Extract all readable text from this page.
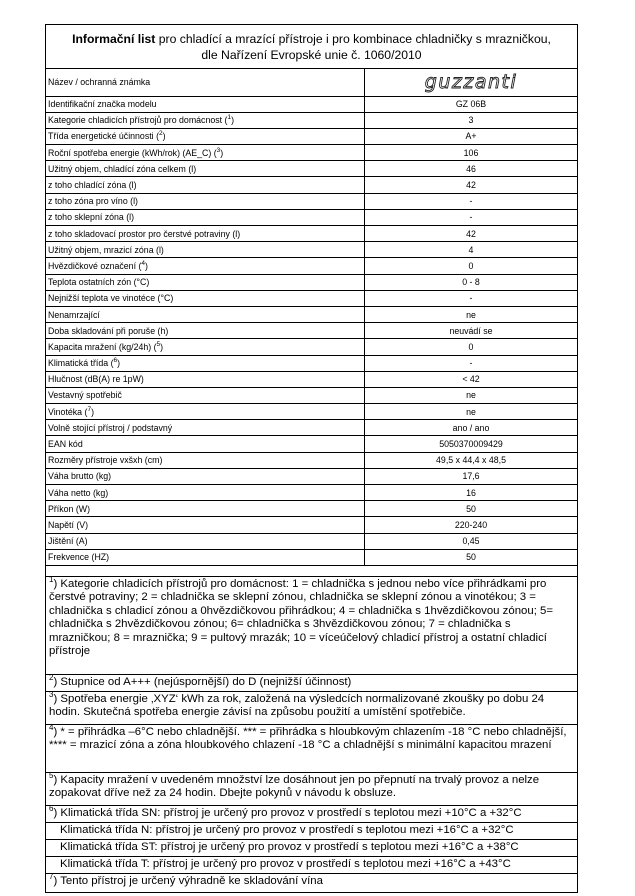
Informační list pro chladící a mrazící přístroje i pro kombinace chladničky s mrazničkou,
dle Nařízení Evropské unie č. 1060/2010
Název / ochranná známka	guzzanti

Identifikační značka modelu	GZ 06B
Kategorie chladicích přístrojů pro domácnost ($^1$)	3
Třída energetické účinnosti ($^2$)	A+
Roční spotřeba energie (kWh/rok) (AE_C) ($^3$)	106
Užitný objem, chladící zóna celkem (l)	46
z toho chladící zóna (l)	42
z toho zóna pro víno (l)	-
z toho sklepní zóna (l)	-
z toho skladovací prostor pro čerstvé potraviny (l)	42
Užitný objem, mrazicí zóna (l)	4
Hvězdičkové označení ($^4$)	0
Teplota ostatních zón (°C)	0 - 8
Nejnižší teplota ve vinotéce (°C)	-
Nenamrzající	ne
Doba skladování při poruše (h)	neuvádí se
Kapacita mražení (kg/24h) ($^5$)	0
Klimatická třída ($^6$)	-
Hlučnost (dB(A) re 1pW)	< 42
Vestavný spotřebič	ne
Vinotéka ($^7$)	ne
Volně stojící přístroj / podstavný	ano / ano
EAN kód	5050370009429
Rozměry přístroje vxšxh (cm)	49,5 x 44,4 x 48,5
Váha brutto (kg)	17,6
Váha netto (kg)	16
Příkon (W)	50
Napětí (V)	220-240
Jištění (A)	0,45
Frekvence (HZ)	50
$^1$) Kategorie chladicích přístrojů pro domácnost: 1 = chladnička s jednou nebo více přihrádkami pro čerstvé potraviny; 2 = chladnička se sklepní zónou, chladnička se sklepní zónou a vinotékou; 3 = chladnička s chladicí zónou a 0hvězdičkovou přihrádkou; 4 = chladnička s 1hvězdičkovou zónou; 5= chladnička s 2hvězdičkovou zónou; 6= chladnička s 3hvězdičkovou zónou; 7 = chladnička s mrazničkou; 8 = mraznička; 9 = pultový mrazák; 10 = víceúčelový chladicí přístroj a ostatní chladicí přístroje
$^2$) Stupnice od A+++ (nejúspornější) do D (nejnižší účinnost)
$^3$) Spotřeba energie ‚XYZ‘ kWh za rok, založená na výsledcích normalizované zkoušky po dobu 24 hodin. Skutečná spotřeba energie závisí na způsobu použití a umístění spotřebiče.
$^4$) * = přihrádka –6°C nebo chladnější. *** = přihrádka s hloubkovým chlazením -18 °C nebo chladnější, **** = mrazicí zóna a zóna hloubkového chlazení -18 °C a chladnější s minimální kapacitou mrazení
$^5$) Kapacity mražení v uvedeném množství lze dosáhnout jen po přepnutí na trvalý provoz a nelze zopakovat dříve než za 24 hodin. Dbejte pokynů v návodu k obsluze.
$^6$) Klimatická třída SN: přístroj je určený pro provoz v prostředí s teplotou mezi +10°C a +32°C
Klimatická třída N: přístroj je určený pro provoz v prostředí s teplotou mezi +16°C a +32°C
Klimatická třída ST: přístroj je určený pro provoz v prostředí s teplotou mezi +16°C a +38°C
Klimatická třída T: přístroj je určený pro provoz v prostředí s teplotou mezi +16°C a +43°C
$^7$) Tento přístroj je určený výhradně ke skladování vína
